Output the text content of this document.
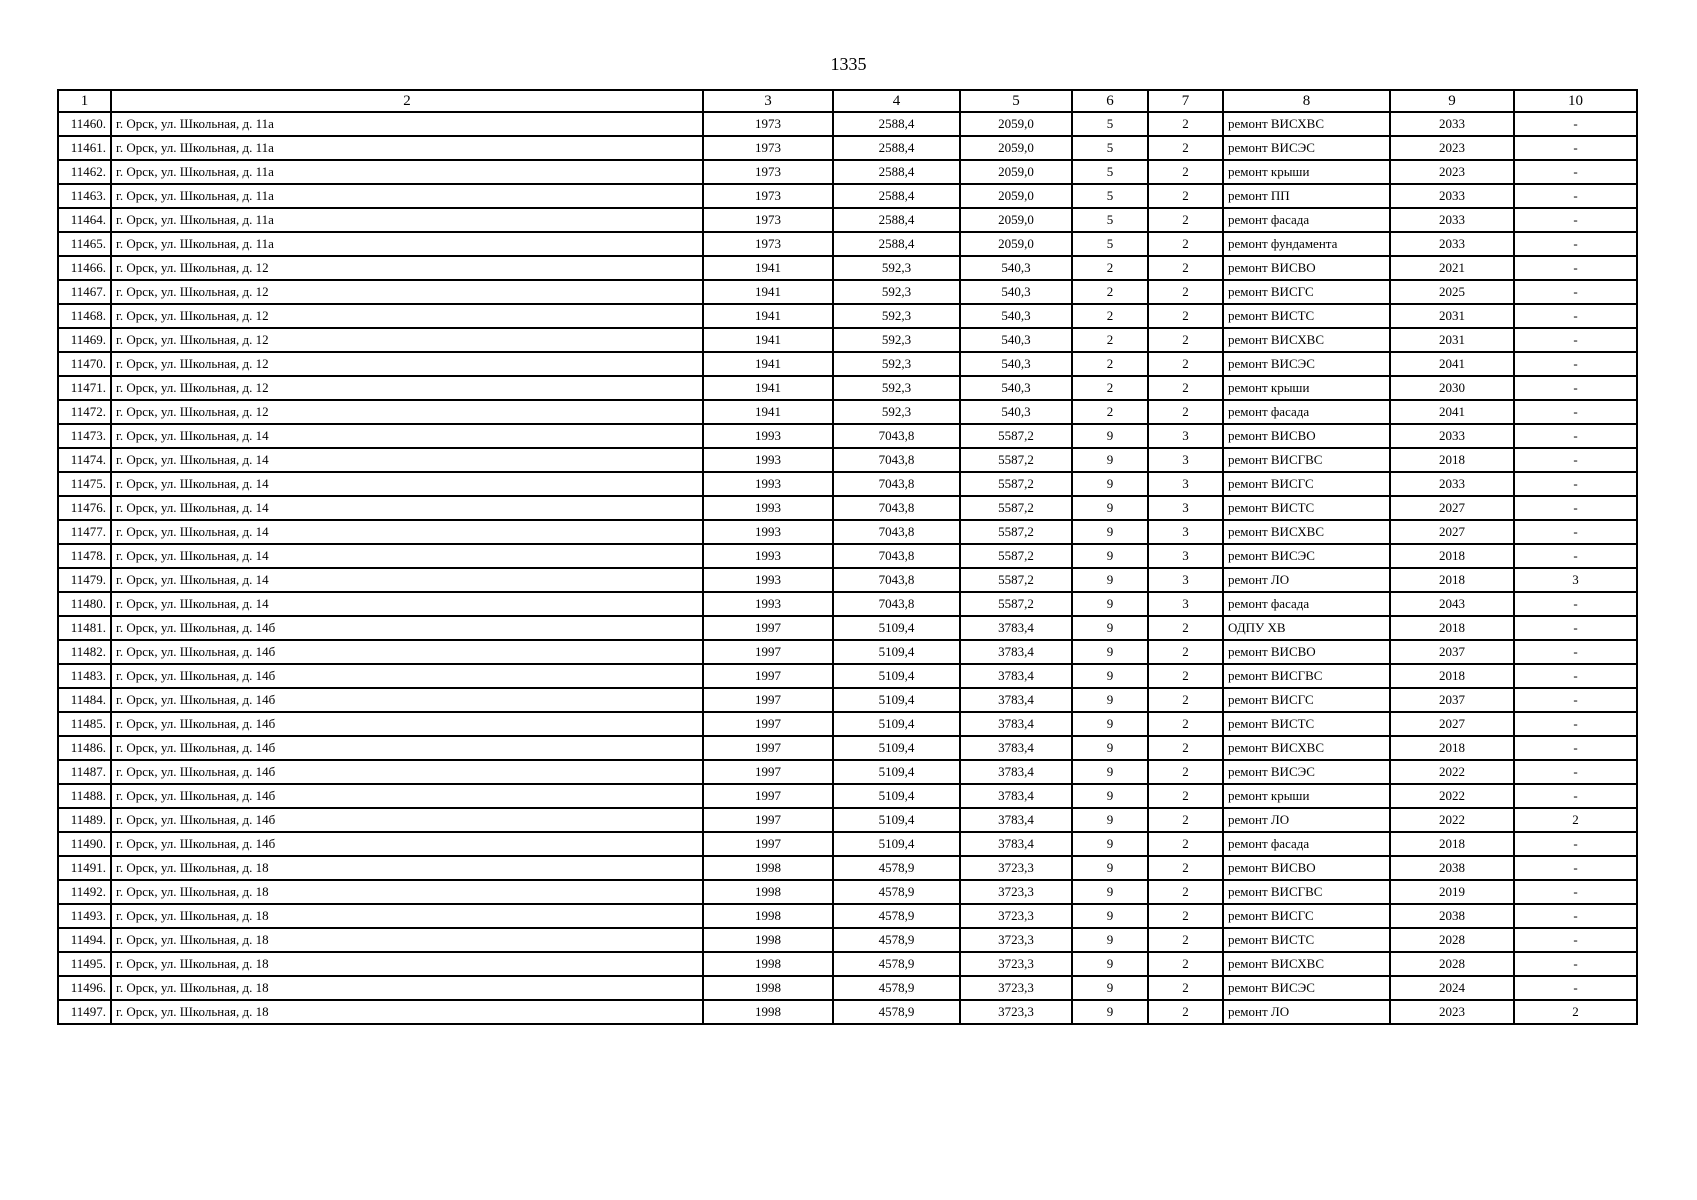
1335
1	2	3	4	5	6	7	8	9	10
11460.	г. Орск, ул. Школьная, д. 11а	1973	2588,4	2059,0	5	2	ремонт ВИСХВС	2033	-
11461.	г. Орск, ул. Школьная, д. 11а	1973	2588,4	2059,0	5	2	ремонт ВИСЭС	2023	-
11462.	г. Орск, ул. Школьная, д. 11а	1973	2588,4	2059,0	5	2	ремонт крыши	2023	-
11463.	г. Орск, ул. Школьная, д. 11а	1973	2588,4	2059,0	5	2	ремонт ПП	2033	-
11464.	г. Орск, ул. Школьная, д. 11а	1973	2588,4	2059,0	5	2	ремонт фасада	2033	-
11465.	г. Орск, ул. Школьная, д. 11а	1973	2588,4	2059,0	5	2	ремонт фундамента	2033	-
11466.	г. Орск, ул. Школьная, д. 12	1941	592,3	540,3	2	2	ремонт ВИСВО	2021	-
11467.	г. Орск, ул. Школьная, д. 12	1941	592,3	540,3	2	2	ремонт ВИСГС	2025	-
11468.	г. Орск, ул. Школьная, д. 12	1941	592,3	540,3	2	2	ремонт ВИСТС	2031	-
11469.	г. Орск, ул. Школьная, д. 12	1941	592,3	540,3	2	2	ремонт ВИСХВС	2031	-
11470.	г. Орск, ул. Школьная, д. 12	1941	592,3	540,3	2	2	ремонт ВИСЭС	2041	-
11471.	г. Орск, ул. Школьная, д. 12	1941	592,3	540,3	2	2	ремонт крыши	2030	-
11472.	г. Орск, ул. Школьная, д. 12	1941	592,3	540,3	2	2	ремонт фасада	2041	-
11473.	г. Орск, ул. Школьная, д. 14	1993	7043,8	5587,2	9	3	ремонт ВИСВО	2033	-
11474.	г. Орск, ул. Школьная, д. 14	1993	7043,8	5587,2	9	3	ремонт ВИСГВС	2018	-
11475.	г. Орск, ул. Школьная, д. 14	1993	7043,8	5587,2	9	3	ремонт ВИСГС	2033	-
11476.	г. Орск, ул. Школьная, д. 14	1993	7043,8	5587,2	9	3	ремонт ВИСТС	2027	-
11477.	г. Орск, ул. Школьная, д. 14	1993	7043,8	5587,2	9	3	ремонт ВИСХВС	2027	-
11478.	г. Орск, ул. Школьная, д. 14	1993	7043,8	5587,2	9	3	ремонт ВИСЭС	2018	-
11479.	г. Орск, ул. Школьная, д. 14	1993	7043,8	5587,2	9	3	ремонт ЛО	2018	3
11480.	г. Орск, ул. Школьная, д. 14	1993	7043,8	5587,2	9	3	ремонт фасада	2043	-
11481.	г. Орск, ул. Школьная, д. 14б	1997	5109,4	3783,4	9	2	ОДПУ ХВ	2018	-
11482.	г. Орск, ул. Школьная, д. 14б	1997	5109,4	3783,4	9	2	ремонт ВИСВО	2037	-
11483.	г. Орск, ул. Школьная, д. 14б	1997	5109,4	3783,4	9	2	ремонт ВИСГВС	2018	-
11484.	г. Орск, ул. Школьная, д. 14б	1997	5109,4	3783,4	9	2	ремонт ВИСГС	2037	-
11485.	г. Орск, ул. Школьная, д. 14б	1997	5109,4	3783,4	9	2	ремонт ВИСТС	2027	-
11486.	г. Орск, ул. Школьная, д. 14б	1997	5109,4	3783,4	9	2	ремонт ВИСХВС	2018	-
11487.	г. Орск, ул. Школьная, д. 14б	1997	5109,4	3783,4	9	2	ремонт ВИСЭС	2022	-
11488.	г. Орск, ул. Школьная, д. 14б	1997	5109,4	3783,4	9	2	ремонт крыши	2022	-
11489.	г. Орск, ул. Школьная, д. 14б	1997	5109,4	3783,4	9	2	ремонт ЛО	2022	2
11490.	г. Орск, ул. Школьная, д. 14б	1997	5109,4	3783,4	9	2	ремонт фасада	2018	-
11491.	г. Орск, ул. Школьная, д. 18	1998	4578,9	3723,3	9	2	ремонт ВИСВО	2038	-
11492.	г. Орск, ул. Школьная, д. 18	1998	4578,9	3723,3	9	2	ремонт ВИСГВС	2019	-
11493.	г. Орск, ул. Школьная, д. 18	1998	4578,9	3723,3	9	2	ремонт ВИСГС	2038	-
11494.	г. Орск, ул. Школьная, д. 18	1998	4578,9	3723,3	9	2	ремонт ВИСТС	2028	-
11495.	г. Орск, ул. Школьная, д. 18	1998	4578,9	3723,3	9	2	ремонт ВИСХВС	2028	-
11496.	г. Орск, ул. Школьная, д. 18	1998	4578,9	3723,3	9	2	ремонт ВИСЭС	2024	-
11497.	г. Орск, ул. Школьная, д. 18	1998	4578,9	3723,3	9	2	ремонт ЛО	2023	2
